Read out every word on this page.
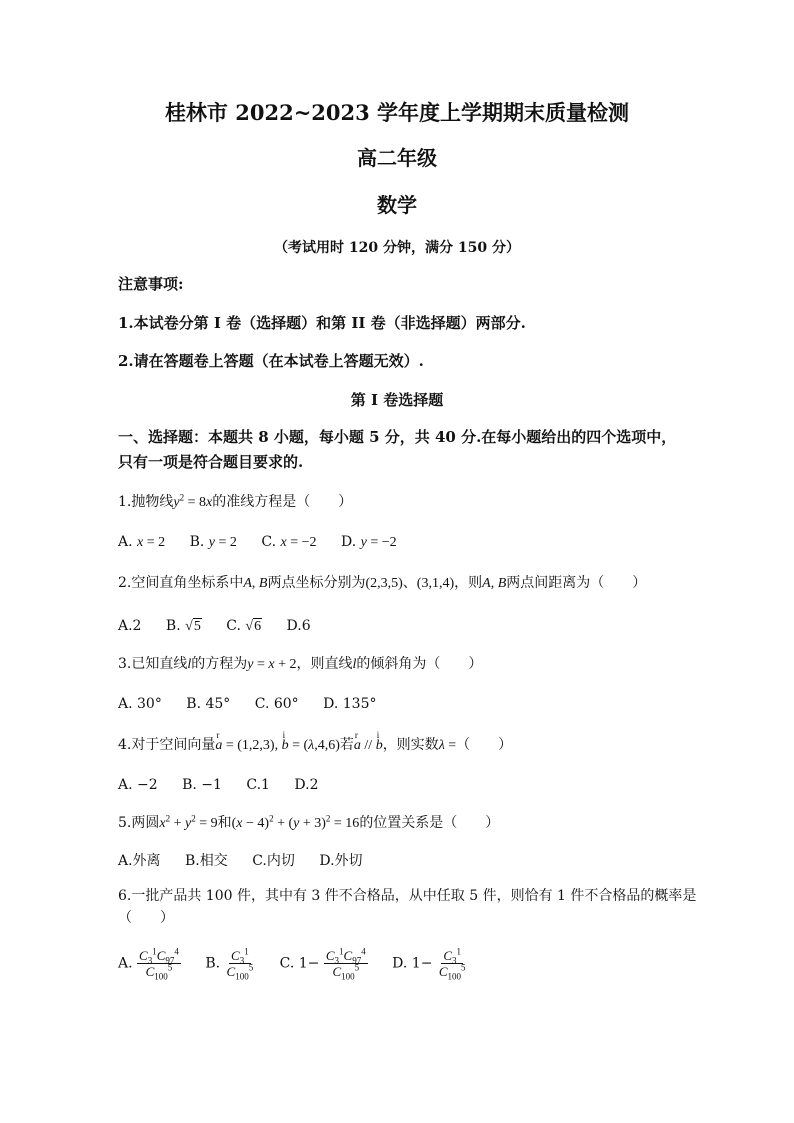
桂林市 2022~2023 学年度上学期期末质量检测
高二年级
数学
（考试用时 120 分钟，满分 150 分）
注意事项:
1.本试卷分第 I 卷（选择题）和第 II 卷（非选择题）两部分.
2.请在答题卷上答题（在本试卷上答题无效）.
第 I 卷选择题
一、选择题：本题共 8 小题，每小题 5 分，共 40 分.在每小题给出的四个选项中，
只有一项是符合题目要求的.
1.抛物线$y^2 = 8x$的准线方程是（　　）
A. x = 2 B. y = 2 C. x = −2 D. y = −2
2.空间直角坐标系中A, B两点坐标分别为(2,3,5)、(3,1,4)，则A, B两点间距离为（　　）
A.2 B. √5 C. √6 D.6
3.已知直线l的方程为y = x + 2，则直线l的倾斜角为（　　）
A. 30° B. 45° C. 60° D. 135°
4.对于空间向量r a = (1,2,3), i b = (λ,4,6)若r a // i b，则实数λ =（　　）
A. −2 B. −1 C.1 D.2
5.两圆$x^2 + y^2 = 9$和$(x - 4)^2 + (y + 3)^2 = 16$的位置关系是（　　）
A.外离 B.相交 C.内切 D.外切
6.一批产品共 100 件，其中有 3 件不合格品，从中任取 5 件，则恰有 1 件不合格品的概率是
（　　）
A. $\frac{C_3^1C_{97}^4}{C_{100}^5} B$. $\frac{C_3^1}{C_{100}^5} C$. $1- \frac{C_3^1C_{97}^4}{C_{100}^5} D$. $1- \frac{C_3^1}{C_{100}^5}$
